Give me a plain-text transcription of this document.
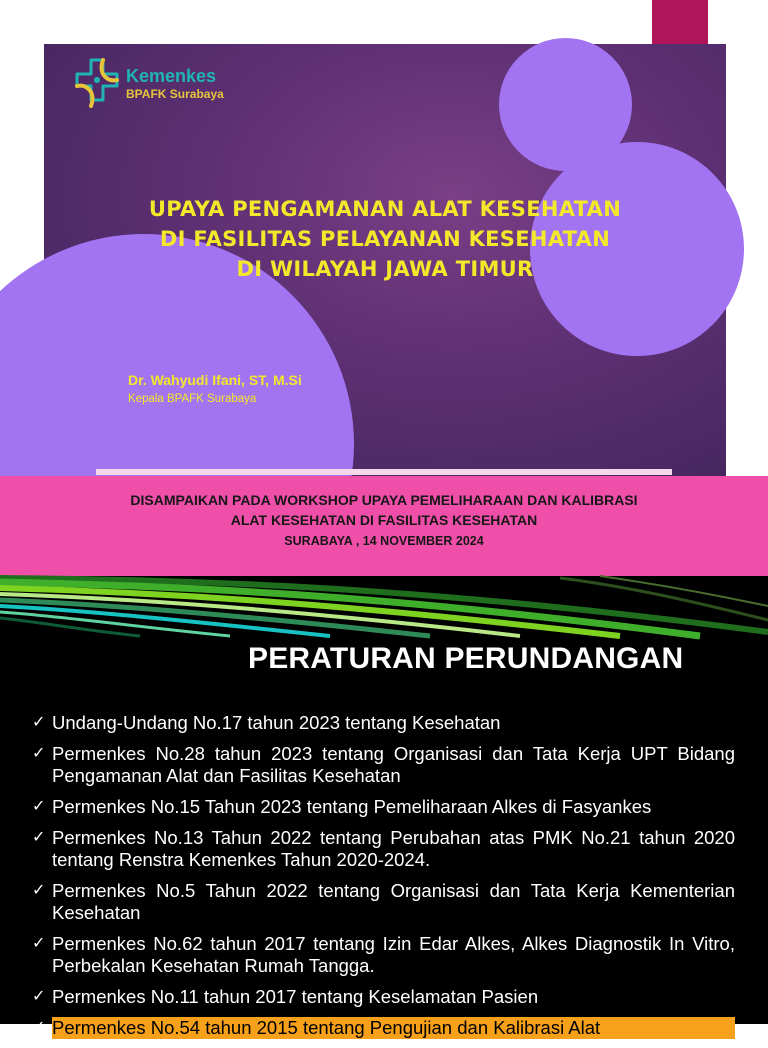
Kemenkes
BPAFK Surabaya
UPAYA PENGAMANAN ALAT KESEHATAN
DI FASILITAS PELAYANAN KESEHATAN
DI WILAYAH JAWA TIMUR
Dr. Wahyudi Ifani, ST, M.Si
Kepala BPAFK Surabaya
DISAMPAIKAN PADA WORKSHOP UPAYA PEMELIHARAAN DAN KALIBRASI
ALAT KESEHATAN DI FASILITAS KESEHATAN
SURABAYA , 14 NOVEMBER 2024
PERATURAN PERUNDANGAN
✓ Undang-Undang No.17 tahun 2023 tentang Kesehatan
✓ Permenkes No.28 tahun 2023 tentang Organisasi dan Tata Kerja UPT Bidang Pengamanan Alat dan Fasilitas Kesehatan
✓ Permenkes No.15 Tahun 2023 tentang Pemeliharaan Alkes di Fasyankes
✓ Permenkes No.13 Tahun 2022 tentang Perubahan atas PMK No.21 tahun 2020 tentang Renstra Kemenkes Tahun 2020-2024.
✓ Permenkes No.5 Tahun 2022 tentang Organisasi dan Tata Kerja Kementerian Kesehatan
✓ Permenkes No.62 tahun 2017 tentang Izin Edar Alkes, Alkes Diagnostik In Vitro, Perbekalan Kesehatan Rumah Tangga.
✓ Permenkes No.11 tahun 2017 tentang Keselamatan Pasien
✓ Permenkes No.54 tahun 2015 tentang Pengujian dan Kalibrasi Alat
